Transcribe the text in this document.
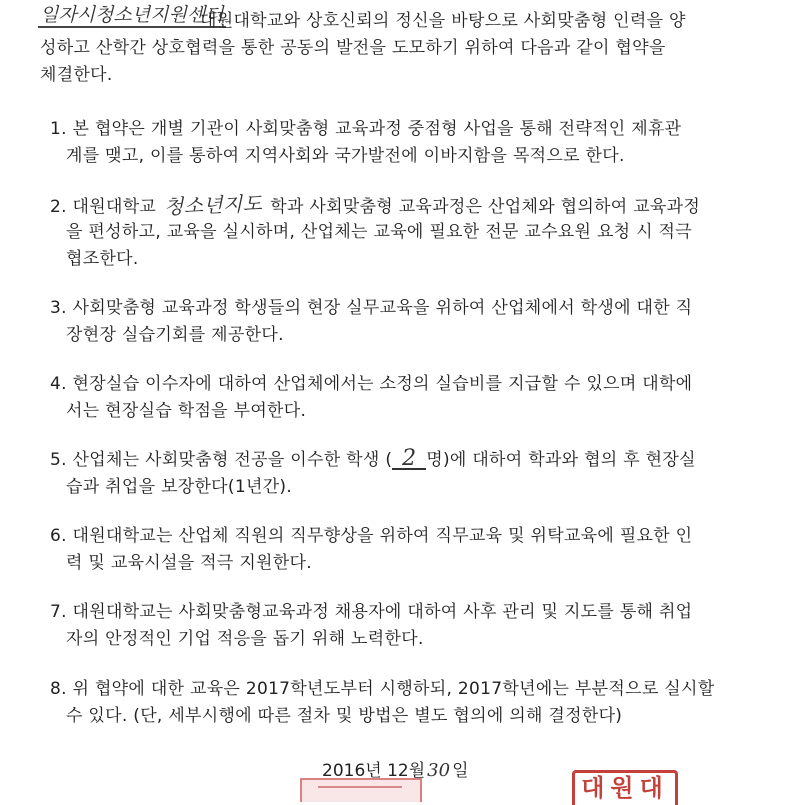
일자시청소년지원센터
대원대학교와 상호신뢰의 정신을 바탕으로 사회맞춤형 인력을 양
성하고 산학간 상호협력을 통한 공동의 발전을 도모하기 위하여 다음과 같이 협약을
체결한다.
1. 본 협약은 개별 기관이 사회맞춤형 교육과정 중점형 사업을 통해 전략적인 제휴관
계를 맺고, 이를 통하여 지역사회와 국가발전에 이바지함을 목적으로 한다.
2. 대원대학교 청소년지도 학과 사회맞춤형 교육과정은 산업체와 협의하여 교육과정
을 편성하고, 교육을 실시하며, 산업체는 교육에 필요한 전문 교수요원 요청 시 적극
협조한다.
3. 사회맞춤형 교육과정 학생들의 현장 실무교육을 위하여 산업체에서 학생에 대한 직
장현장 실습기회를 제공한다.
4. 현장실습 이수자에 대하여 산업체에서는 소정의 실습비를 지급할 수 있으며 대학에
서는 현장실습 학점을 부여한다.
5. 산업체는 사회맞춤형 전공을 이수한 학생 ( 2 명)에 대하여 학과와 협의 후 현장실
습과 취업을 보장한다(1년간).
6. 대원대학교는 산업체 직원의 직무향상을 위하여 직무교육 및 위탁교육에 필요한 인
력 및 교육시설을 적극 지원한다.
7. 대원대학교는 사회맞춤형교육과정 채용자에 대하여 사후 관리 및 지도를 통해 취업
자의 안정적인 기업 적응을 돕기 위해 노력한다.
8. 위 협약에 대한 교육은 2017학년도부터 시행하되, 2017학년에는 부분적으로 실시할
수 있다. (단, 세부시행에 따른 절차 및 방법은 별도 협의에 의해 결정한다)
2016년 12월 30 일
대원대
